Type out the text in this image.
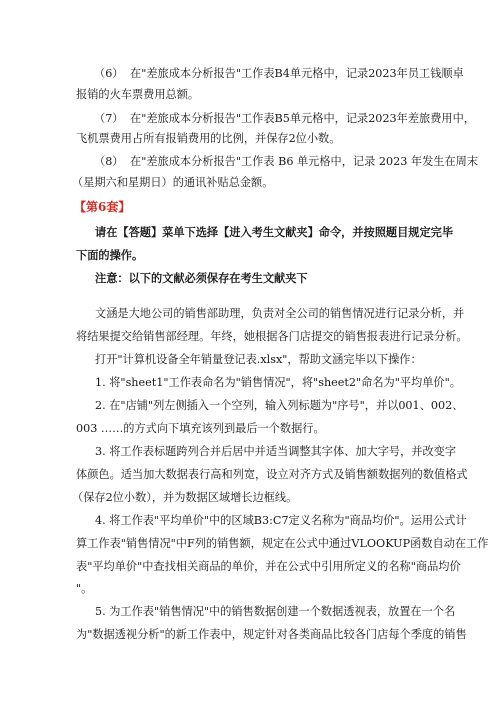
（6） 在"差旅成本分析报告"工作表B4单元格中，记录2023年员工钱顺卓
报销的火车票费用总额。
（7） 在"差旅成本分析报告"工作表B5单元格中，记录2023年差旅费用中，
飞机票费用占所有报销费用的比例，并保存2位小数。
（8） 在"差旅成本分析报告"工作表 B6 单元格中，记录 2023 年发生在周末
（星期六和星期日）的通讯补贴总金额。
【第6套】
请在【答题】菜单下选择【进入考生文献夹】命令，并按照题目规定完毕
下面的操作。
注意：以下的文献必须保存在考生文献夹下
文涵是大地公司的销售部助理，负责对全公司的销售情况进行记录分析，并
将结果提交给销售部经理。年终，她根据各门店提交的销售报表进行记录分析。
打开"计算机设备全年销量登记表.xlsx"，帮助文涵完毕以下操作：
1. 将"sheet1"工作表命名为"销售情况"，将"sheet2"命名为"平均单价"。
2. 在"店铺"列左侧插入一个空列，输入列标题为"序号"，并以001、002、
003 ……的方式向下填充该列到最后一个数据行。
3. 将工作表标题跨列合并后居中并适当调整其字体、加大字号，并改变字
体颜色。适当加大数据表行高和列宽，设立对齐方式及销售额数据列的数值格式
（保存2位小数），并为数据区域增长边框线。
4. 将工作表"平均单价"中的区域B3:C7定义名称为"商品均价"。运用公式计
算工作表"销售情况"中F列的销售额，规定在公式中通过VLOOKUP函数自动在工作
表"平均单价"中查找相关商品的单价，并在公式中引用所定义的名称"商品均价
"。
5. 为工作表"销售情况"中的销售数据创建一个数据透视表，放置在一个名
为"数据透视分析"的新工作表中，规定针对各类商品比较各门店每个季度的销售
